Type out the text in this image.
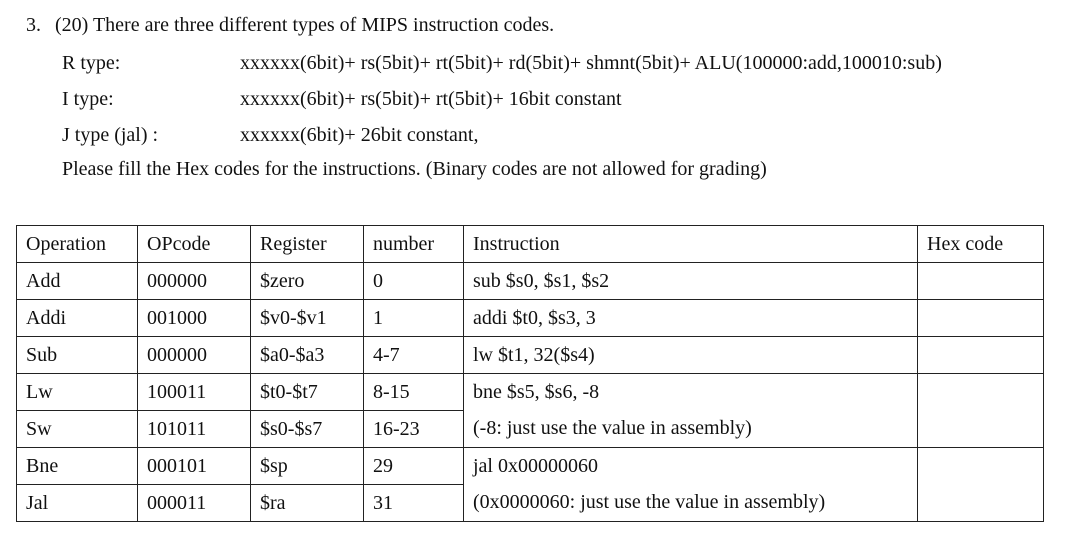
3. (20) There are three different types of MIPS instruction codes.
R type:	xxxxxx(6bit)+ rs(5bit)+ rt(5bit)+ rd(5bit)+ shmnt(5bit)+ ALU(100000:add,100010:sub)
I type:	xxxxxx(6bit)+ rs(5bit)+ rt(5bit)+ 16bit constant
J type (jal) :	xxxxxx(6bit)+ 26bit constant,
Please fill the Hex codes for the instructions. (Binary codes are not allowed for grading)
Operation	OPcode	Register	number	Instruction	Hex code
Add	000000	$zero	0	sub $s0, $s1, $s2	
Addi	001000	$v0-$v1	1	addi $t0, $s3, 3	
Sub	000000	$a0-$a3	4-7	lw $t1, 32($s4)	
Lw	100011	$t0-$t7	8-15	bne $s5, $s6, -8	
Sw	101011	$s0-$s7	16-23	(-8: just use the value in assembly)	
Bne	000101	$sp	29	jal 0x00000060	
Jal	000011	$ra	31	(0x0000060: just use the value in assembly)	
